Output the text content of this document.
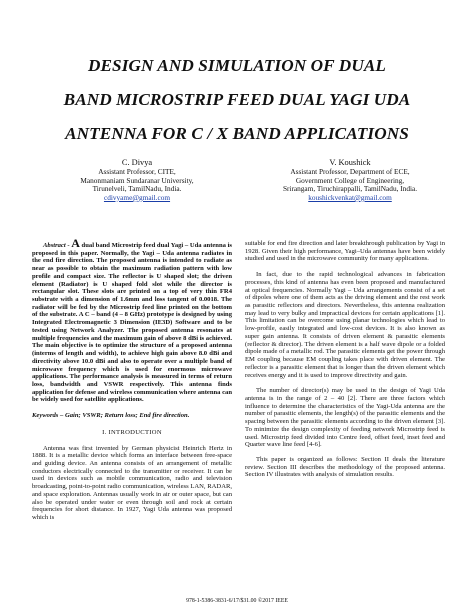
DESIGN AND SIMULATION OF DUAL
BAND MICROSTRIP FEED DUAL YAGI UDA
ANTENNA FOR C / X BAND APPLICATIONS
C. Divya
Assistant Professor, CITE,
Manonmaniam Sundaranar University,
Tirunelveli, TamilNadu, India.
cdivyame@gmail.com
V. Koushick
Assistant Professor, Department of ECE,
Government College of Engineering,
Srirangam, Tiruchirappalli, TamilNadu, India.
koushickvenkat@gmail.com

Abstract - A dual band Microstrip feed dual Yagi – Uda antenna is proposed in this paper. Normally, the Yagi – Uda antenna radiates in the end fire direction. The proposed antenna is intended to radiate as near as possible to obtain the maximum radiation pattern with low profile and compact size. The reflector is U shaped slot; the driven element (Radiator) is U shaped fold slot while the director is rectangular slot. These slots are printed on a top of very thin FR4 substrate with a dimension of 1.6mm and loss tangent of 0.0018. The radiator will be fed by the Microstrip feed line printed on the bottom of the substrate. A C – band (4 – 8 GHz) prototype is designed by using Integrated Electromagnetic 3 Dimension (IE3D) Software and to be tested using Network Analyzer. The proposed antenna resonates at multiple frequencies and the maximum gain of above 8 dBi is achieved. The main objective is to optimize the structure of a proposed antenna (interms of length and width), to achieve high gain above 8.0 dBi and directivity above 10.0 dBi and also to operate over a multiple band of microwave frequency which is used for enormous microwave applications. The performance analysis is measured in terms of return loss, bandwidth and VSWR respectively. This antenna finds application for defense and wireless communication where antenna can be widely used for satellite applications.

Keywords – Gain; VSWR; Return loss; End fire direction.

I. INTRODUCTION

Antenna was first invented by German physicist Heinrich Hertz in 1888. It is a metallic device which forms an interface between free-space and guiding device. An antenna consists of an arrangement of metallic conductors electrically connected to the transmitter or receiver. It can be used in devices such as mobile communication, radio and television broadcasting, point-to-point radio communication, wireless LAN, RADAR, and space exploration. Antennas usually work in air or outer space, but can also be operated under water or even through soil and rock at certain frequencies for short distance. In 1927, Yagi Uda antenna was proposed which is

suitable for end fire direction and later breakthrough publication by Yagi in 1928. Given their high performance, Yagi–Uda antennas have been widely studied and used in the microwave community for many applications.

In fact, due to the rapid technological advances in fabrication processes, this kind of antenna has even been proposed and manufactured at optical frequencies. Normally Yagi – Uda arrangements consist of a set of dipoles where one of them acts as the driving element and the rest work as parasitic reflectors and directors. Nevertheless, this antenna realization may lead to very bulky and impractical devices for certain applications [1]. This limitation can be overcome using planar technologies which lead to low-profile, easily integrated and low-cost devices. It is also known as super gain antenna. It consists of driven element & parasitic elements (reflector & director). The driven element is a half wave dipole or a folded dipole made of a metallic rod. The parasitic elements get the power through EM coupling because EM coupling takes place with driven element. The reflector is a parasitic element that is longer than the driven element which receives energy and it is used to improve directivity and gain.

The number of director(s) may be used in the design of Yagi Uda antenna is in the range of 2 – 40 [2]. There are three factors which influence to determine the characteristics of the Yagi-Uda antenna are the number of parasitic elements, the length(s) of the parasitic elements and the spacing between the parasitic elements according to the driven element [3]. To minimize the design complexity of feeding network Microstrip feed is used. Microstrip feed divided into Centre feed, offset feed, inset feed and Quarter wave line feed [4-6].

This paper is organized as follows: Section II deals the literature review. Section III describes the methodology of the proposed antenna. Section IV illustrates with analysis of simulation results.

978-1-5386-3831-6/17/$31.00 ©2017 IEEE
